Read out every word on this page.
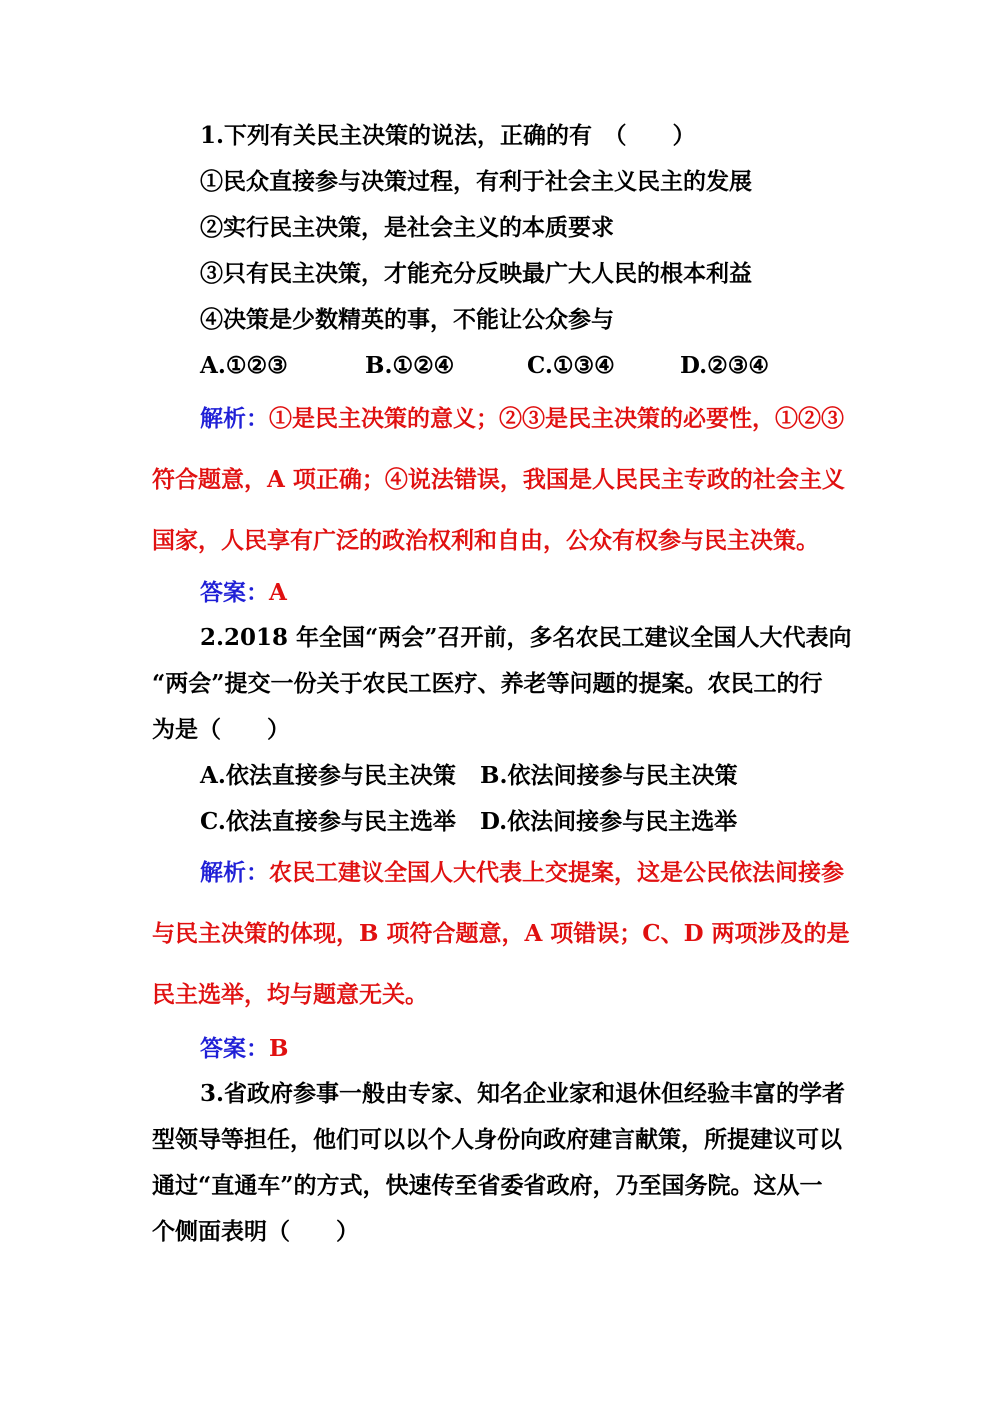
1.下列有关民主决策的说法，正确的有　（　　）
①民众直接参与决策过程，有利于社会主义民主的发展
②实行民主决策，是社会主义的本质要求
③只有民主决策，才能充分反映最广大人民的根本利益
④决策是少数精英的事，不能让公众参与
A.①②③	B.①②④	C.①③④	D.②③④
解析：①是民主决策的意义；②③是民主决策的必要性，①②③
符合题意，A 项正确；④说法错误，我国是人民民主专政的社会主义
国家，人民享有广泛的政治权利和自由，公众有权参与民主决策。
答案：A
2.2018 年全国“两会”召开前，多名农民工建议全国人大代表向
“两会”提交一份关于农民工医疗、养老等问题的提案。农民工的行
为是（　　）
A.依法直接参与民主决策 B.依法间接参与民主决策
C.依法直接参与民主选举 D.依法间接参与民主选举
解析：农民工建议全国人大代表上交提案，这是公民依法间接参
与民主决策的体现，B 项符合题意，A 项错误；C、D 两项涉及的是
民主选举，均与题意无关。
答案：B
3.省政府参事一般由专家、知名企业家和退休但经验丰富的学者
型领导等担任，他们可以以个人身份向政府建言献策，所提建议可以
通过“直通车”的方式，快速传至省委省政府，乃至国务院。这从一
个侧面表明（　　）
